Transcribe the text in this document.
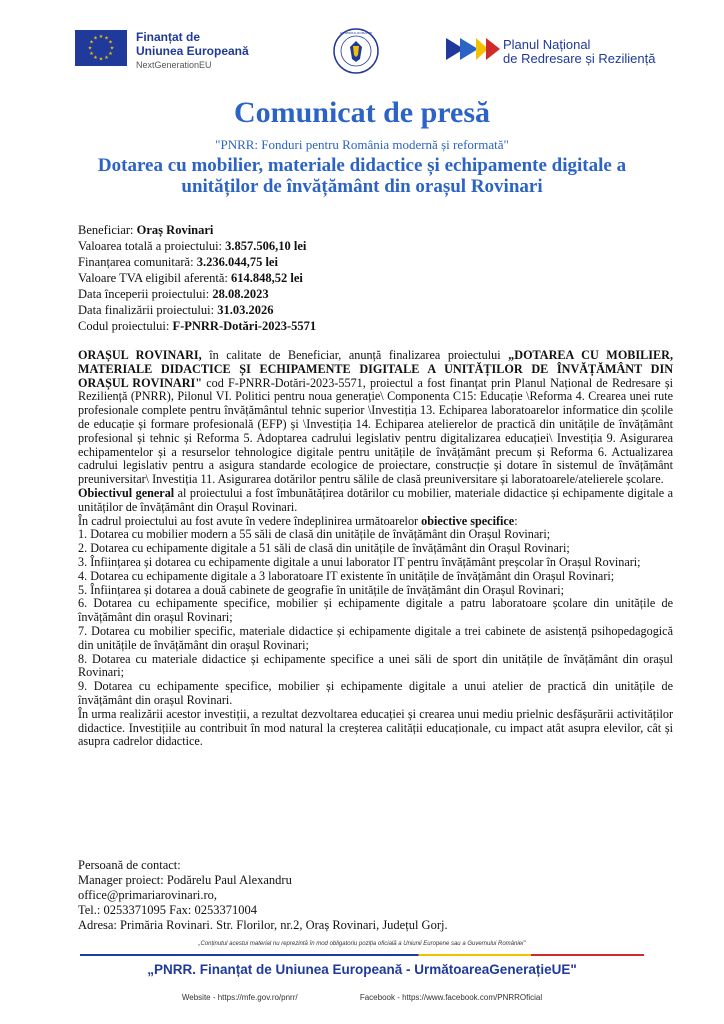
★ ★
★
★
★
★
★
★
★
★
★
★	Finanțat de
Uniunea Europeană
NextGenerationEU
GUVERNUL ROMÂNIEI
Planul Național
de Redresare și Reziliență
Comunicat de presă
"PNRR: Fonduri pentru România modernă și reformată"
Dotarea cu mobilier, materiale didactice și echipamente digitale a unităților de învățământ din orașul Rovinari
Beneficiar: Oraș Rovinari
Valoarea totală a proiectului: 3.857.506,10 lei
Finanțarea comunitară: 3.236.044,75 lei
Valoare TVA eligibil aferentă: 614.848,52 lei
Data începerii proiectului: 28.08.2023
Data finalizării proiectului: 31.03.2026
Codul proiectului: F-PNRR-Dotări-2023-5571

ORAȘUL ROVINARI, în calitate de Beneficiar, anunță finalizarea proiectului „DOTAREA CU MOBILIER, MATERIALE DIDACTICE ȘI ECHIPAMENTE DIGITALE A UNITĂȚILOR DE ÎNVĂȚĂMÂNT DIN ORAȘUL ROVINARI" cod F-PNRR-Dotări-2023-5571, proiectul a fost finanțat prin Planul Național de Redresare și Reziliență (PNRR), Pilonul VI. Politici pentru noua generație\ Componenta C15: Educație \Reforma 4. Crearea unei rute profesionale complete pentru învățământul tehnic superior \Investiția 13. Echiparea laboratoarelor informatice din școlile de educație și formare profesională (EFP) și \Investiția 14. Echiparea atelierelor de practică din unitățile de învățământ profesional și tehnic și Reforma 5. Adoptarea cadrului legislativ pentru digitalizarea educației\ Investiția 9. Asigurarea echipamentelor și a resurselor tehnologice digitale pentru unitățile de învățământ precum și Reforma 6. Actualizarea cadrului legislativ pentru a asigura standarde ecologice de proiectare, construcție și dotare în sistemul de învățământ preuniversitar\ Investiția 11. Asigurarea dotărilor pentru sălile de clasă preuniversitare și laboratoarele/atelierele școlare.

Obiectivul general al proiectului a fost îmbunătățirea dotărilor cu mobilier, materiale didactice și echipamente digitale a unităților de învățământ din Orașul Rovinari.

În cadrul proiectului au fost avute în vedere îndeplinirea următoarelor obiective specifice:

1. Dotarea cu mobilier modern a 55 săli de clasă din unitățile de învățământ din Orașul Rovinari;

2. Dotarea cu echipamente digitale a 51 săli de clasă din unitățile de învățământ din Orașul Rovinari;

3. Înființarea și dotarea cu echipamente digitale a unui laborator IT pentru învățământ preșcolar în Orașul Rovinari;

4. Dotarea cu echipamente digitale a 3 laboratoare IT existente în unitățile de învățământ din Orașul Rovinari;

5. Înființarea și dotarea a două cabinete de geografie în unitățile de învățământ din Orașul Rovinari;

6. Dotarea cu echipamente specifice, mobilier și echipamente digitale a patru laboratoare școlare din unitățile de învățământ din orașul Rovinari;

7. Dotarea cu mobilier specific, materiale didactice și echipamente digitale a trei cabinete de asistență psihopedagogică din unitățile de învățământ din orașul Rovinari;

8. Dotarea cu materiale didactice și echipamente specifice a unei săli de sport din unitățile de învățământ din orașul Rovinari;

9. Dotarea cu echipamente specifice, mobilier și echipamente digitale a unui atelier de practică din unitățile de învățământ din orașul Rovinari.

În urma realizării acestor investiții, a rezultat dezvoltarea educației și crearea unui mediu prielnic desfășurării activităților didactice. Investițiile au contribuit în mod natural la creșterea calității educaționale, cu impact atât asupra elevilor, cât și asupra cadrelor didactice.

Persoană de contact:
Manager proiect: Podărelu Paul Alexandru
office@primariarovinari.ro,
Tel.: 0253371095 Fax: 0253371004
Adresa: Primăria Rovinari. Str. Florilor, nr.2, Oraș Rovinari, Județul Gorj.
„Conținutul acestui material nu reprezintă în mod obligatoriu poziția oficială a Uniunii Europene sau a Guvernului României"
„PNRR. Finanțat de Uniunea Europeană - UrmătoareaGenerațieUE"
Website - https://mfe.gov.ro/pnrr/	Facebook - https://www.facebook.com/PNRROficial
